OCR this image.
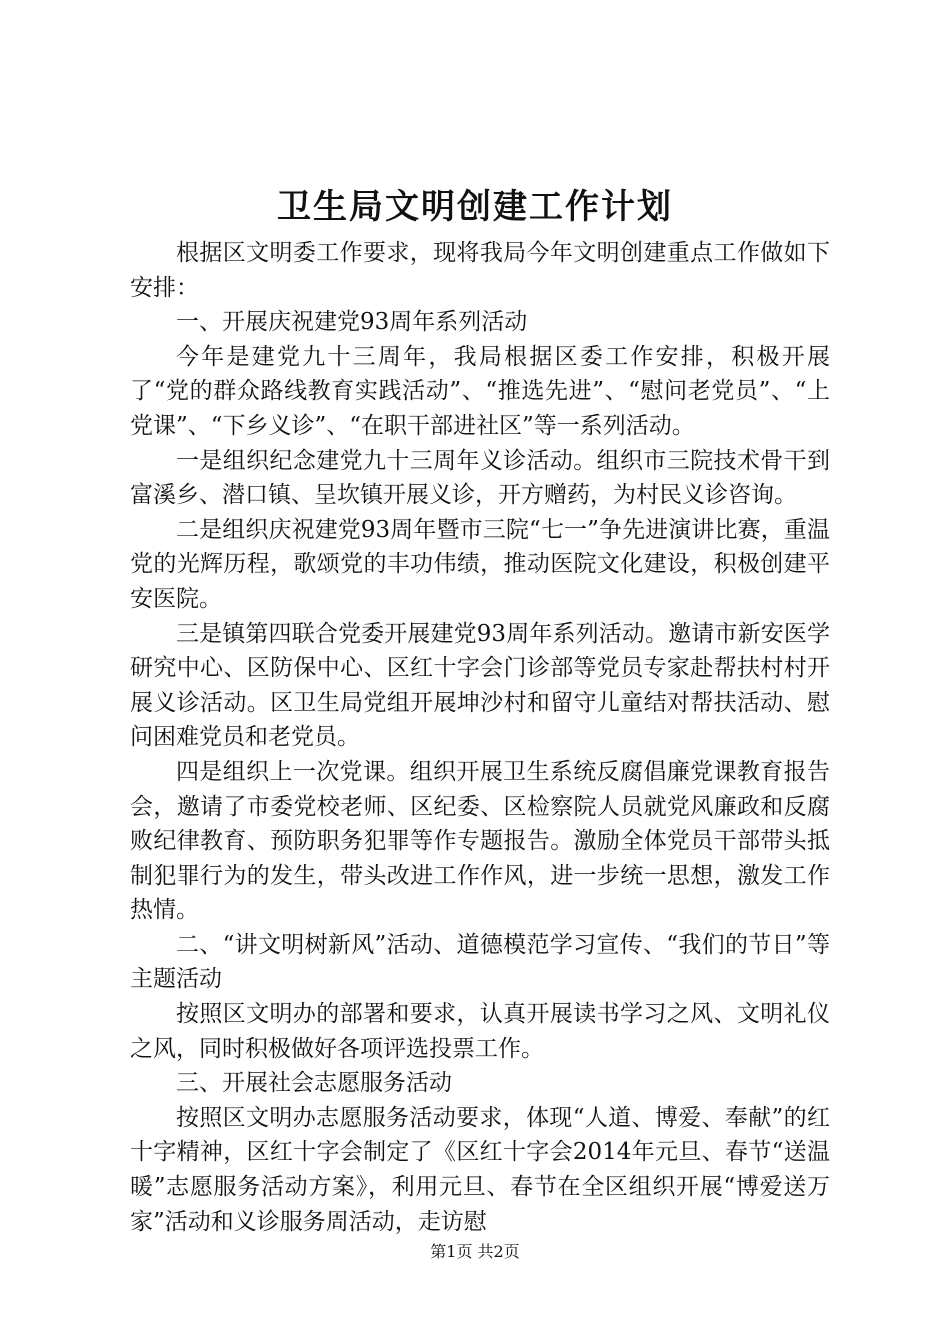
卫生局文明创建工作计划

根据区文明委工作要求，现将我局今年文明创建重点工作做如下安排：

一、开展庆祝建党93周年系列活动

今年是建党九十三周年，我局根据区委工作安排，积极开展了“党的群众路线教育实践活动”、“推选先进”、“慰问老党员”、“上党课”、“下乡义诊”、“在职干部进社区”等一系列活动。

一是组织纪念建党九十三周年义诊活动。组织市三院技术骨干到富溪乡、潜口镇、呈坎镇开展义诊，开方赠药，为村民义诊咨询。

二是组织庆祝建党93周年暨市三院“七一”争先进演讲比赛，重温党的光辉历程，歌颂党的丰功伟绩，推动医院文化建设，积极创建平安医院。

三是镇第四联合党委开展建党93周年系列活动。邀请市新安医学研究中心、区防保中心、区红十字会门诊部等党员专家赴帮扶村村开展义诊活动。区卫生局党组开展坤沙村和留守儿童结对帮扶活动、慰问困难党员和老党员。

四是组织上一次党课。组织开展卫生系统反腐倡廉党课教育报告会，邀请了市委党校老师、区纪委、区检察院人员就党风廉政和反腐败纪律教育、预防职务犯罪等作专题报告。激励全体党员干部带头抵制犯罪行为的发生，带头改进工作作风，进一步统一思想，激发工作热情。

二、“讲文明树新风”活动、道德模范学习宣传、“我们的节日”等主题活动

按照区文明办的部署和要求，认真开展读书学习之风、文明礼仪之风，同时积极做好各项评选投票工作。

三、开展社会志愿服务活动

按照区文明办志愿服务活动要求，体现“人道、博爱、奉献”的红十字精神，区红十字会制定了《区红十字会2014年元旦、春节“送温暖”志愿服务活动方案》，利用元旦、春节在全区组织开展“博爱送万家”活动和义诊服务周活动，走访慰

第1页 共2页
